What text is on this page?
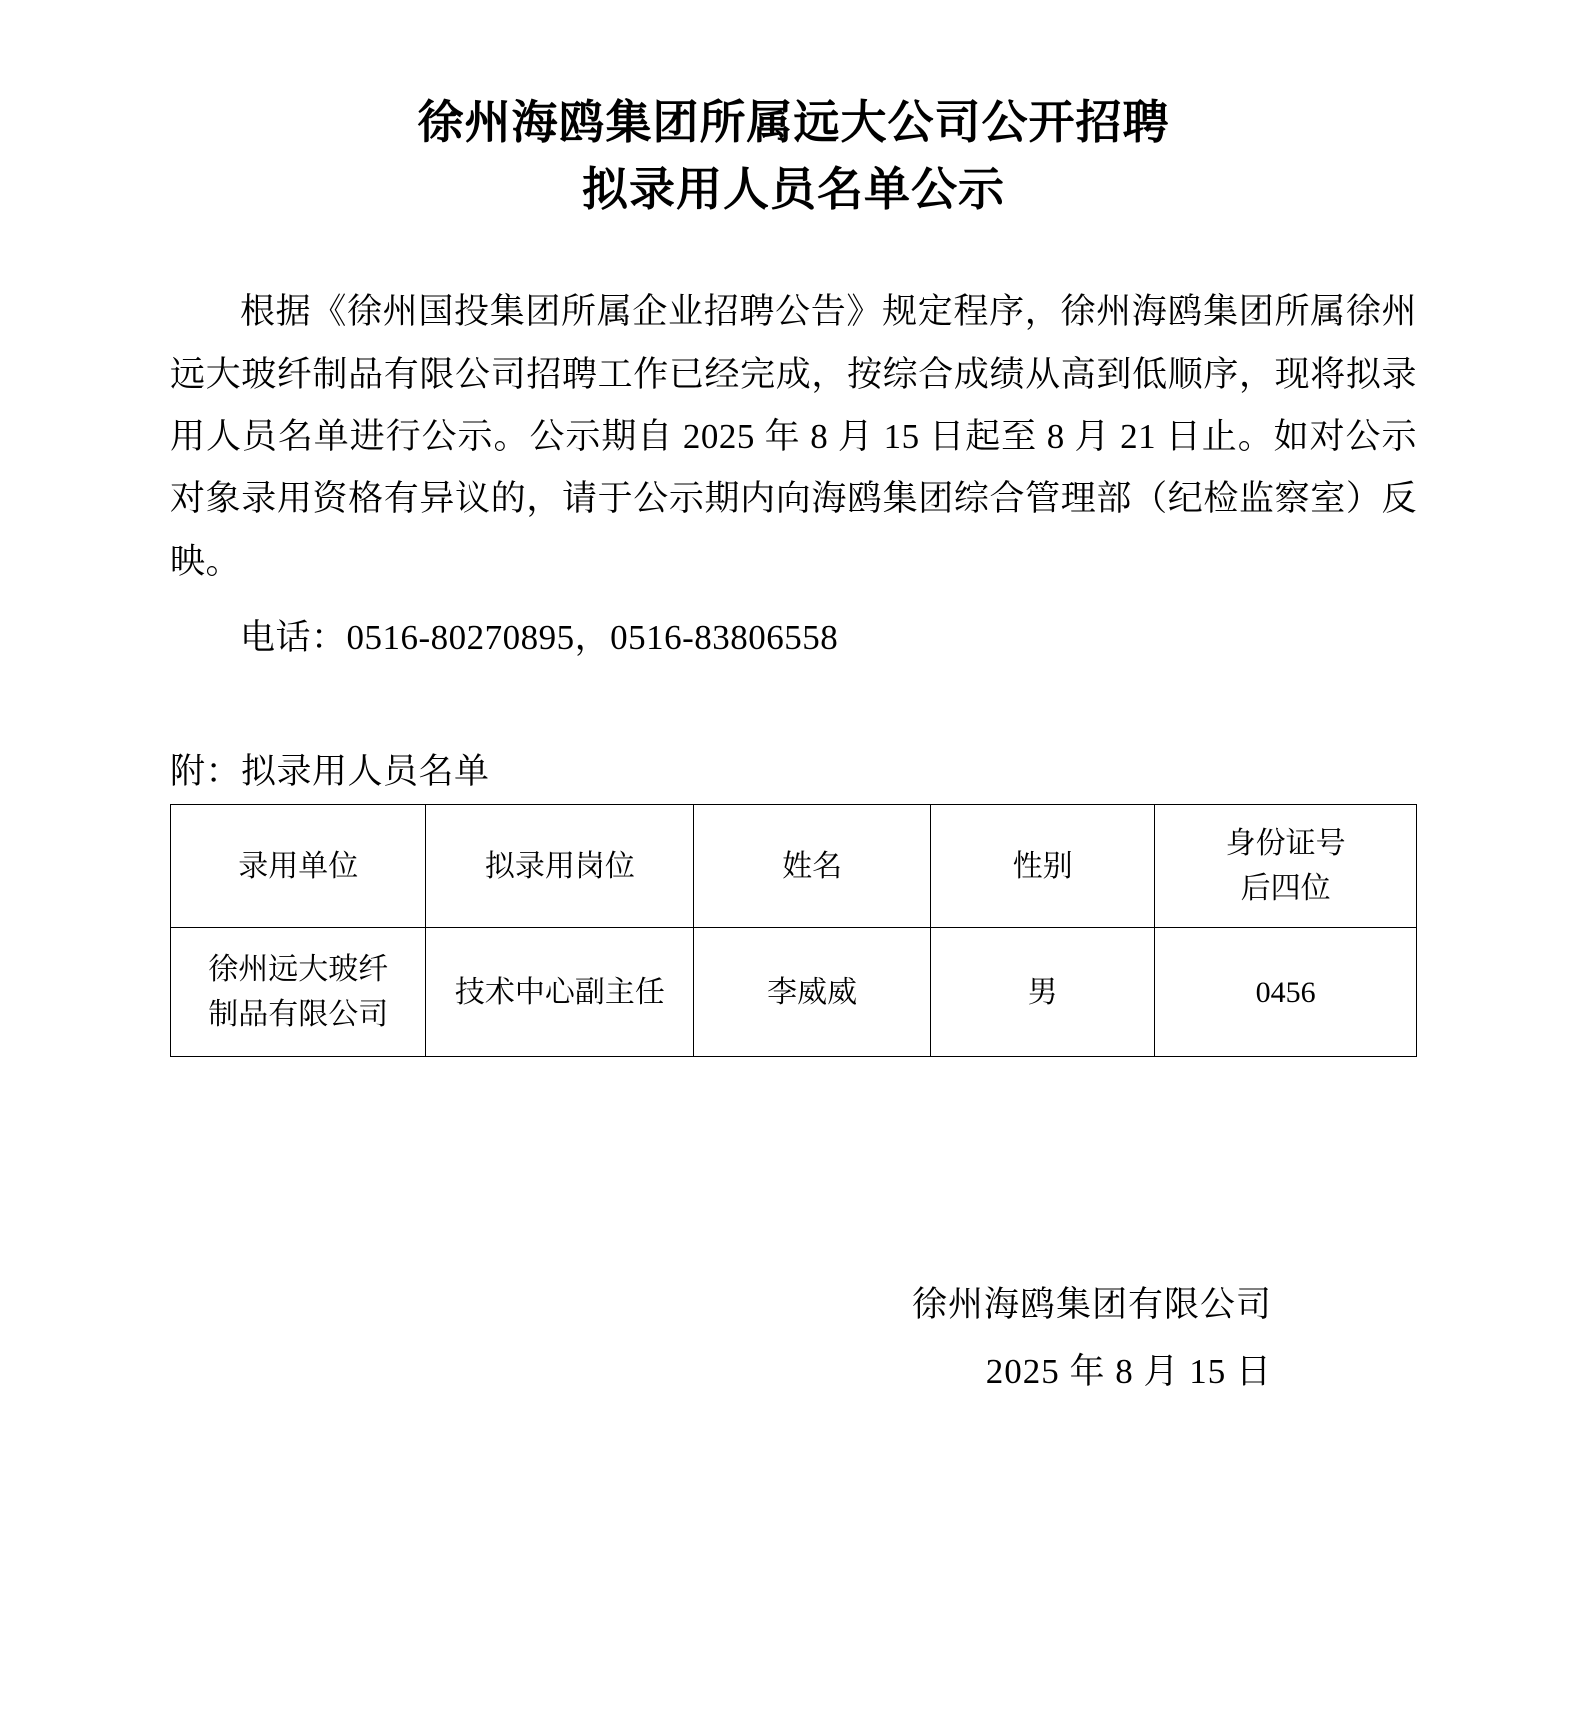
徐州海鸥集团所属远大公司公开招聘
拟录用人员名单公示

根据《徐州国投集团所属企业招聘公告》规定程序，徐州海鸥集团所属徐州远大玻纤制品有限公司招聘工作已经完成，按综合成绩从高到低顺序，现将拟录用人员名单进行公示。公示期自 2025 年 8 月 15 日起至 8 月 21 日止。如对公示对象录用资格有异议的，请于公示期内向海鸥集团综合管理部（纪检监察室）反映。

电话：0516-80270895，0516-83806558

附：拟录用人员名单
录用单位	拟录用岗位	姓名	性别	身份证号
后四位

徐州远大玻纤
制品有限公司	技术中心副主任	李威威	男	0456
徐州海鸥集团有限公司
2025 年 8 月 15 日
